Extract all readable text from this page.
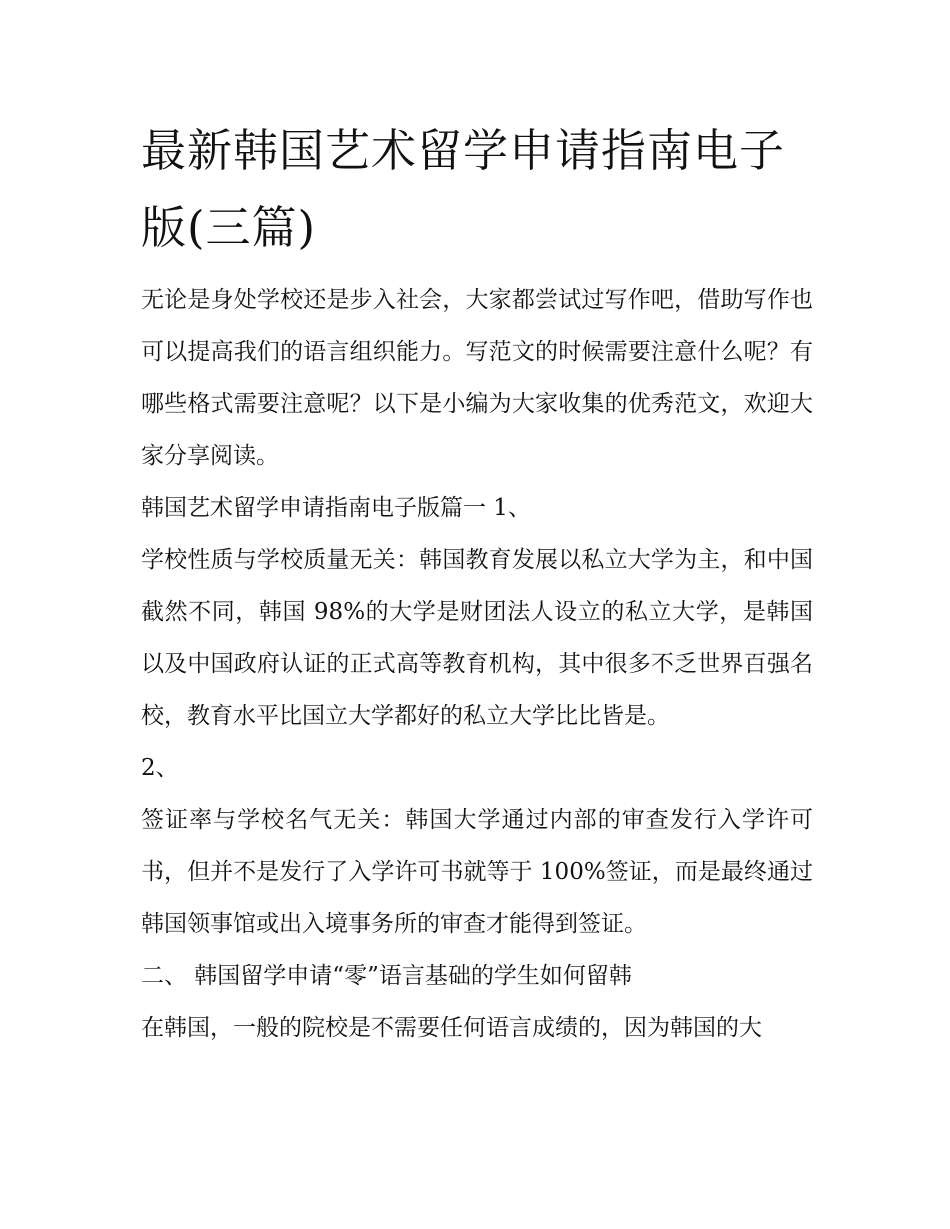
最新韩国艺术留学申请指南电子版(三篇)

无论是身处学校还是步入社会，大家都尝试过写作吧，借助写作也可以提高我们的语言组织能力。写范文的时候需要注意什么呢？有哪些格式需要注意呢？以下是小编为大家收集的优秀范文，欢迎大家分享阅读。

韩国艺术留学申请指南电子版篇一 1、

学校性质与学校质量无关：韩国教育发展以私立大学为主，和中国截然不同，韩国 98%的大学是财团法人设立的私立大学，是韩国以及中国政府认证的正式高等教育机构，其中很多不乏世界百强名校，教育水平比国立大学都好的私立大学比比皆是。

2、

签证率与学校名气无关：韩国大学通过内部的审查发行入学许可书，但并不是发行了入学许可书就等于 100%签证，而是最终通过韩国领事馆或出入境事务所的审查才能得到签证。

二、 韩国留学申请“零”语言基础的学生如何留韩

在韩国，一般的院校是不需要任何语言成绩的，因为韩国的大
